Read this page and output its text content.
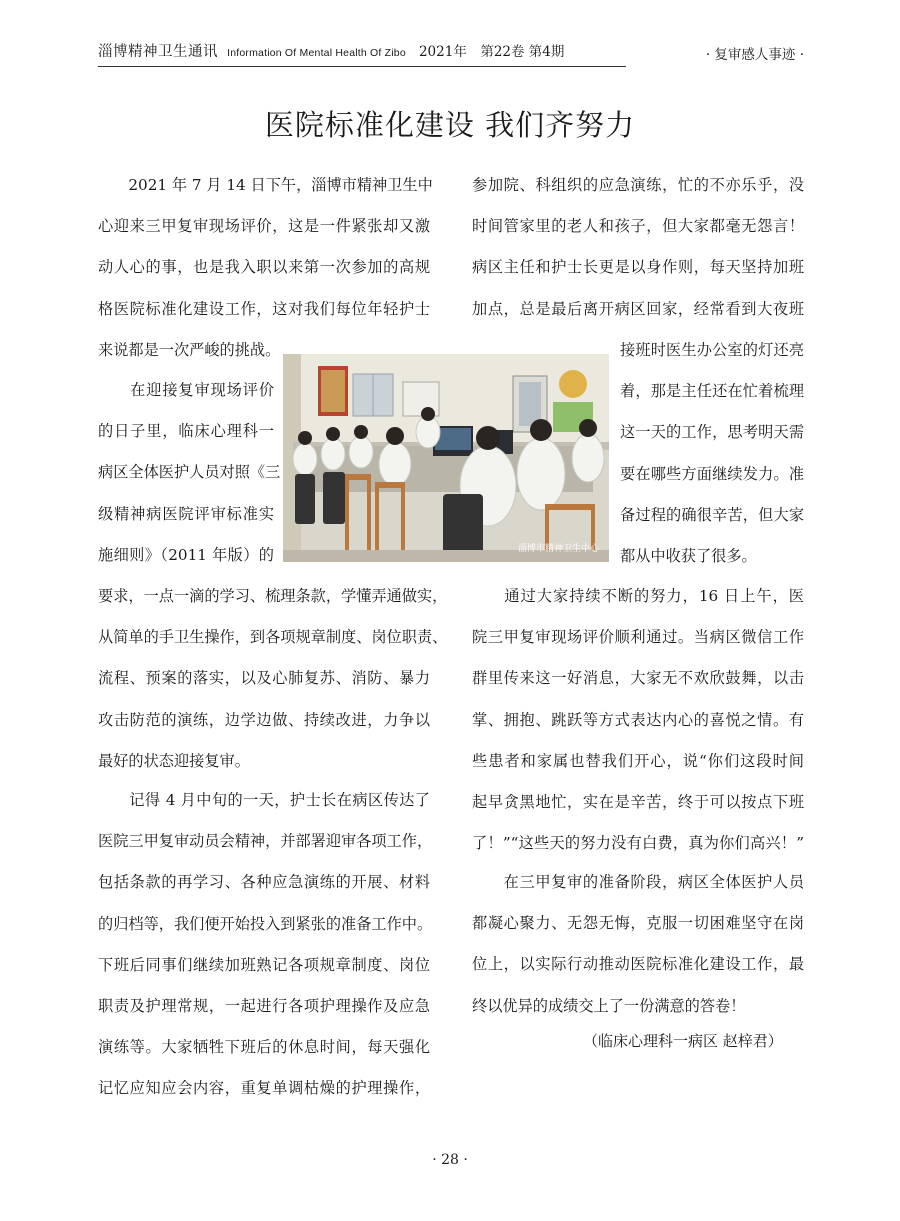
淄博精神卫生通讯 Information Of Mental Health Of Zibo 2021年　第22卷 第4期	· 复审感人事迹 ·
医院标准化建设 我们齐努力
　　2021 年 7 月 14 日下午，淄博市精神卫生中
心迎来三甲复审现场评价，这是一件紧张却又激
动人心的事，也是我入职以来第一次参加的高规
格医院标准化建设工作，这对我们每位年轻护士
来说都是一次严峻的挑战。
　　在迎接复审现场评价
的日子里，临床心理科一
病区全体医护人员对照《三
级精神病医院评审标准实
施细则》（2011 年版）的
要求，一点一滴的学习、梳理条款，学懂弄通做实，
从简单的手卫生操作，到各项规章制度、岗位职责、
流程、预案的落实，以及心肺复苏、消防、暴力
攻击防范的演练，边学边做、持续改进，力争以
最好的状态迎接复审。
　　记得 4 月中旬的一天，护士长在病区传达了
医院三甲复审动员会精神，并部署迎审各项工作，
包括条款的再学习、各种应急演练的开展、材料
的归档等，我们便开始投入到紧张的准备工作中。
下班后同事们继续加班熟记各项规章制度、岗位
职责及护理常规，一起进行各项护理操作及应急
演练等。大家牺牲下班后的休息时间，每天强化
记忆应知应会内容，重复单调枯燥的护理操作，
参加院、科组织的应急演练，忙的不亦乐乎，没
时间管家里的老人和孩子，但大家都毫无怨言！
病区主任和护士长更是以身作则，每天坚持加班
加点，总是最后离开病区回家，经常看到大夜班
接班时医生办公室的灯还亮
着，那是主任还在忙着梳理
这一天的工作，思考明天需
要在哪些方面继续发力。准
备过程的确很辛苦，但大家
都从中收获了很多。
　　通过大家持续不断的努力，16 日上午，医
院三甲复审现场评价顺利通过。当病区微信工作
群里传来这一好消息，大家无不欢欣鼓舞，以击
掌、拥抱、跳跃等方式表达内心的喜悦之情。有
些患者和家属也替我们开心，说“你们这段时间
起早贪黑地忙，实在是辛苦，终于可以按点下班
了！”“这些天的努力没有白费，真为你们高兴！”
　　在三甲复审的准备阶段，病区全体医护人员
都凝心聚力、无怨无悔，克服一切困难坚守在岗
位上，以实际行动推动医院标准化建设工作，最
终以优异的成绩交上了一份满意的答卷！
（临床心理科一病区 赵梓君）
淄博市精神卫生中心
· 28 ·
